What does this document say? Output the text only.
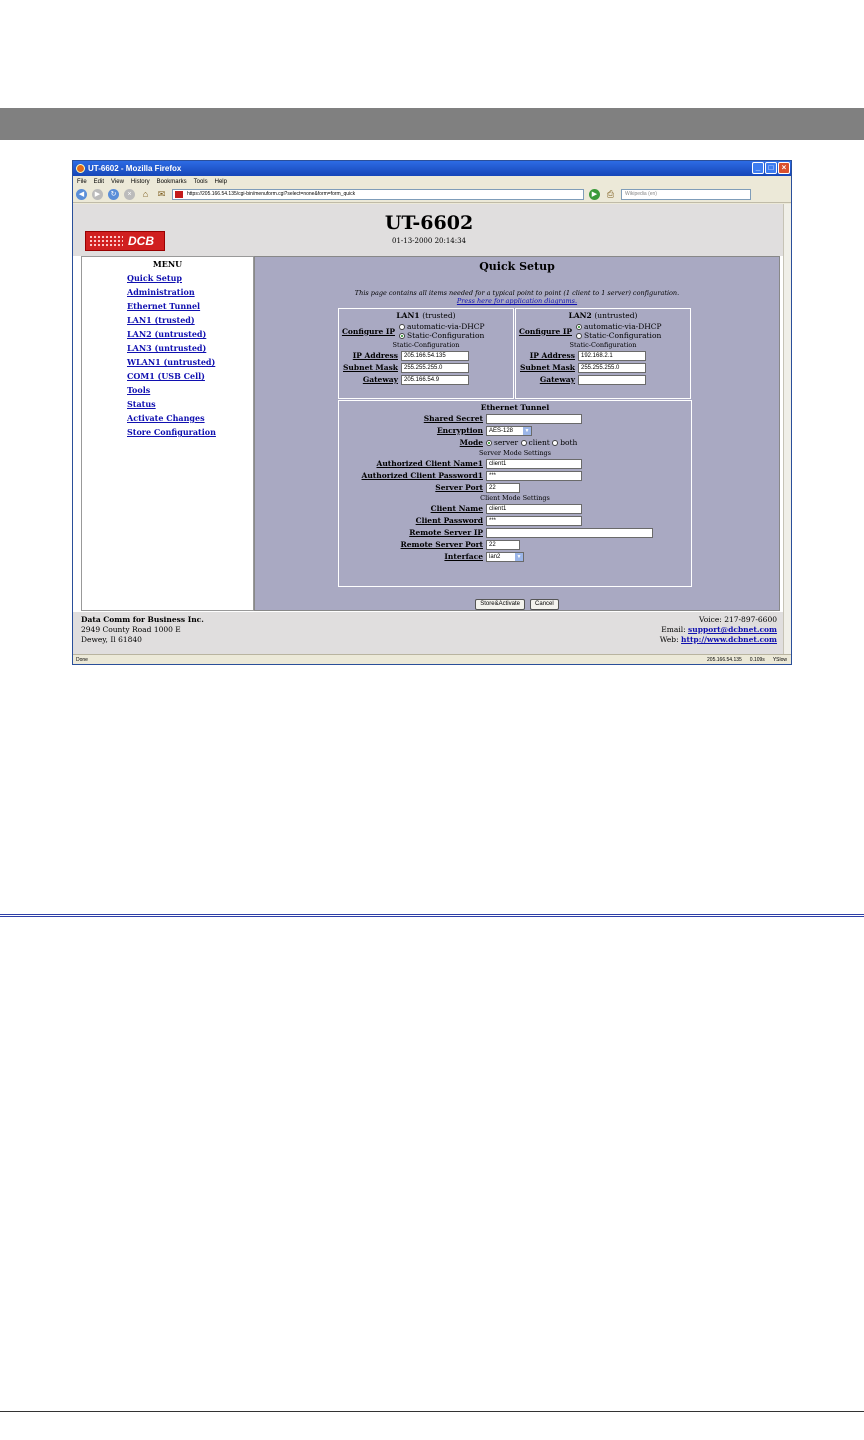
UT-6602 - Mozilla Firefox	_	□	×
File Edit View History Bookmarks Tools Help
◀	▶	↻	×	⌂	✉	https://205.166.54.135/cgi-bin/menuform.cgi?select=none&form=form_quick	▶	⎙	Wikipedia (en)
DCB
UT-6602
01-13-2000 20:14:34
MENU
Quick Setup
Administration
Ethernet Tunnel
LAN1 (trusted)
LAN2 (untrusted)
LAN3 (untrusted)
WLAN1 (untrusted)
COM1 (USB Cell)
Tools
Status
Activate Changes
Store Configuration
Quick Setup
This page contains all items needed for a typical point to point (1 client to 1 server) configuration.
Press here for application diagrams.
LAN1 (trusted)
Configure IP	automatic-via-DHCP
Static-Configuration
Static-Configuration
IP Address	205.166.54.135
Subnet Mask	255.255.255.0
Gateway	205.166.54.9
LAN2 (untrusted)
Configure IP	automatic-via-DHCP
Static-Configuration
Static-Configuration
IP Address	192.168.2.1
Subnet Mask	255.255.255.0
Gateway
Ethernet Tunnel
Shared Secret
Encryption	AES-128	▼
Mode	server client both
Server Mode Settings
Authorized Client Name1	client1
Authorized Client Password1	***
Server Port	22
Client Mode Settings
Client Name	client1
Client Password	***
Remote Server IP
Remote Server Port	22
Interface	lan2	▼
Store&Activate	Cancel
Data Comm for Business Inc.
2949 County Road 1000 E
Dewey, Il 61840
Voice: 217-897-6600
Email: support@dcbnet.com
Web: http://www.dcbnet.com
Done	205.166.54.135 0.109s YSlow
